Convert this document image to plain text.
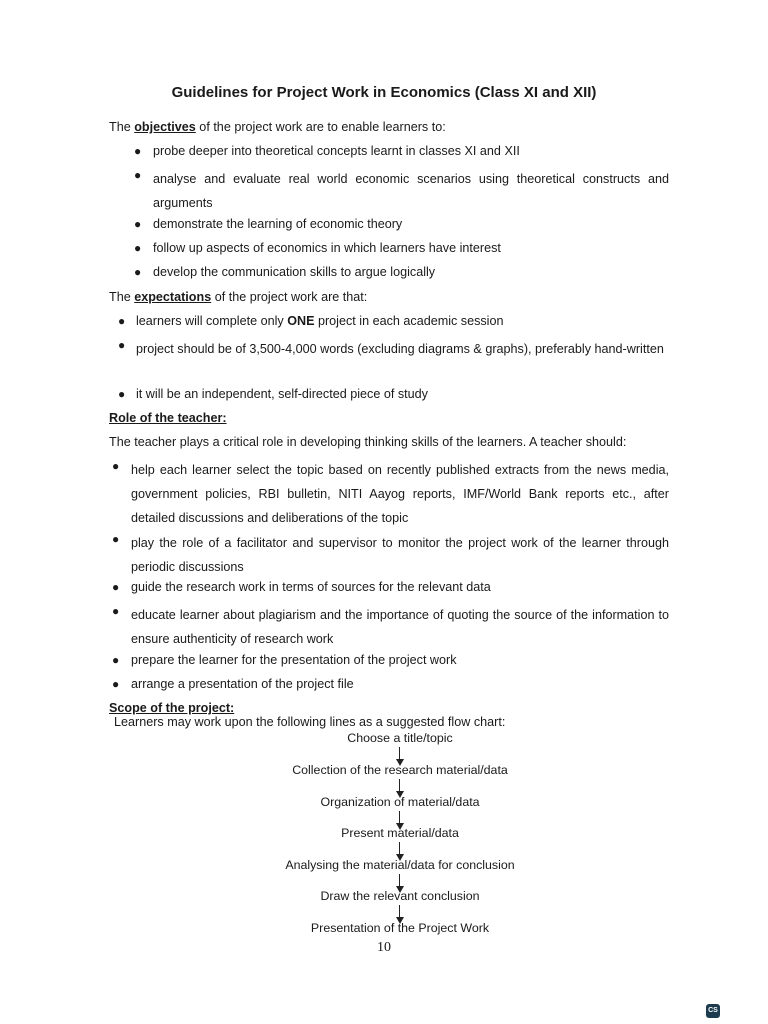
Guidelines for Project Work in Economics (Class XI and XII)
The objectives of the project work are to enable learners to:
● probe deeper into theoretical concepts learnt in classes XI and XII
● analyse and evaluate real world economic scenarios using theoretical constructs and arguments
● demonstrate the learning of economic theory
● follow up aspects of economics in which learners have interest
● develop the communication skills to argue logically
The expectations of the project work are that:
● learners will complete only ONE project in each academic session
● project should be of 3,500-4,000 words (excluding diagrams & graphs), preferably hand-written
● it will be an independent, self-directed piece of study
Role of the teacher:
The teacher plays a critical role in developing thinking skills of the learners. A teacher should:
● help each learner select the topic based on recently published extracts from the news media, government policies, RBI bulletin, NITI Aayog reports, IMF/World Bank reports etc., after detailed discussions and deliberations of the topic
● play the role of a facilitator and supervisor to monitor the project work of the learner through periodic discussions
● guide the research work in terms of sources for the relevant data
● educate learner about plagiarism and the importance of quoting the source of the information to ensure authenticity of research work
● prepare the learner for the presentation of the project work
● arrange a presentation of the project file
Scope of the project:
Learners may work upon the following lines as a suggested flow chart:
Choose a title/topic
Collection of the research material/data
Organization of material/data
Present material/data
Analysing the material/data for conclusion
Draw the relevant conclusion
Presentation of the Project Work
10
CS
